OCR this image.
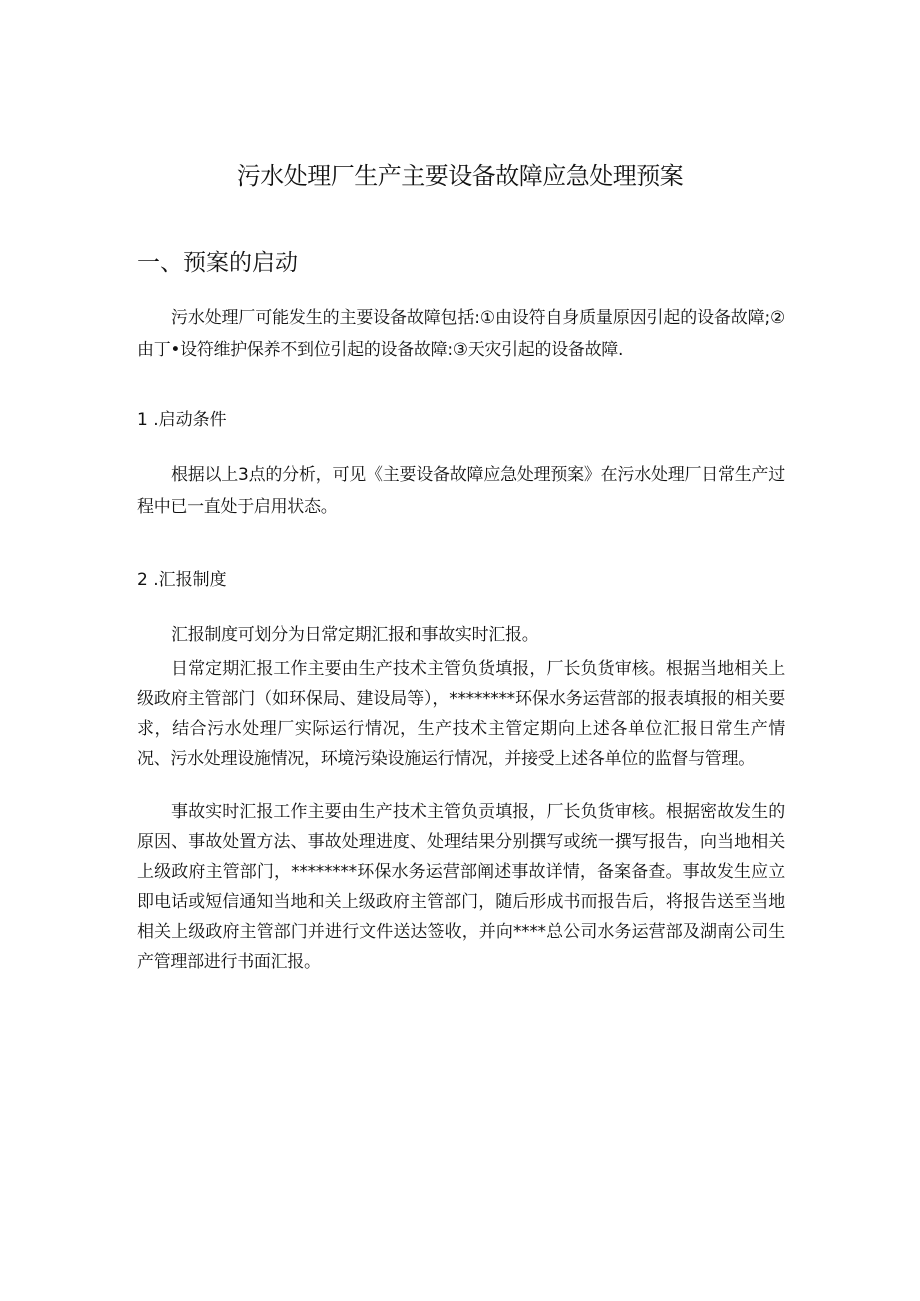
污水处理厂生产主要设备故障应急处理预案
一、预案的启动

污水处理厂可能发生的主要设备故障包括:①由设符自身质量原因引起的设备故障;②由丁•设符维护保养不到位引起的设备故障:③天灾引起的设备故障.

1 .启动条件

根据以上3点的分析，可见《主要设备故障应急处理预案》在污水处理厂日常生产过程中已一直处于启用状态。

2 .汇报制度

汇报制度可划分为日常定期汇报和事故实时汇报。

日常定期汇报工作主要由生产技术主管负货填报，厂长负货审核。根据当地相关上级政府主管部门（如环保局、建设局等），********环保水务运营部的报表填报的相关要求，结合污水处理厂实际运行情况，生产技术主管定期向上述各单位汇报日常生产情况、污水处理设施情况，环境污染设施运行情况，并接受上述各单位的监督与管理。

事故实时汇报工作主要由生产技术主管负贡填报，厂长负货审核。根据密故发生的原因、事故处置方法、事故处理进度、处理结果分别撰写或统一撰写报告，向当地相关上级政府主管部门，********环保水务运营部阐述事故详情，备案备查。事故发生应立即电话或短信通知当地和关上级政府主管部门，随后形成书而报告后，将报告送至当地相关上级政府主管部门并进行文件送达签收，并向****总公司水务运营部及湖南公司生产管理部进行书面汇报。
